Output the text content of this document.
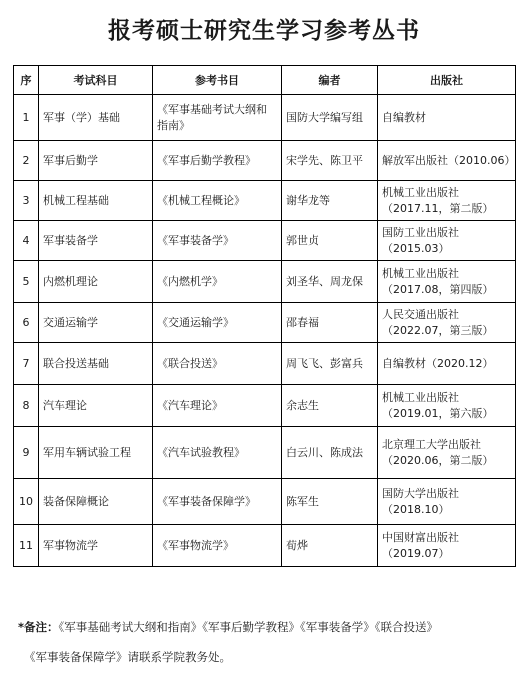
报考硕士研究生学习参考丛书
序	考试科目	参考书目	编者	出版社
1	军事（学）基础	《军事基础考试大纲和指南》	国防大学编写组	自编教材
2	军事后勤学	《军事后勤学教程》	宋学先、陈卫平	解放军出版社（2010.06）
3	机械工程基础	《机械工程概论》	谢华龙等	机械工业出版社（2017.11，第二版）
4	军事装备学	《军事装备学》	郭世贞	国防工业出版社（2015.03）
5	内燃机理论	《内燃机学》	刘圣华、周龙保	机械工业出版社（2017.08，第四版）
6	交通运输学	《交通运输学》	邵春福	人民交通出版社（2022.07，第三版）
7	联合投送基础	《联合投送》	周飞飞、彭富兵	自编教材（2020.12）
8	汽车理论	《汽车理论》	余志生	机械工业出版社（2019.01，第六版）
9	军用车辆试验工程	《汽车试验教程》	白云川、陈成法	北京理工大学出版社（2020.06，第二版）
10	装备保障概论	《军事装备保障学》	陈军生	国防大学出版社（2018.10）
11	军事物流学	《军事物流学》	荀烨	中国财富出版社（2019.07）
*备注：《军事基础考试大纲和指南》《军事后勤学教程》《军事装备学》《联合投送》
《军事装备保障学》请联系学院教务处。
